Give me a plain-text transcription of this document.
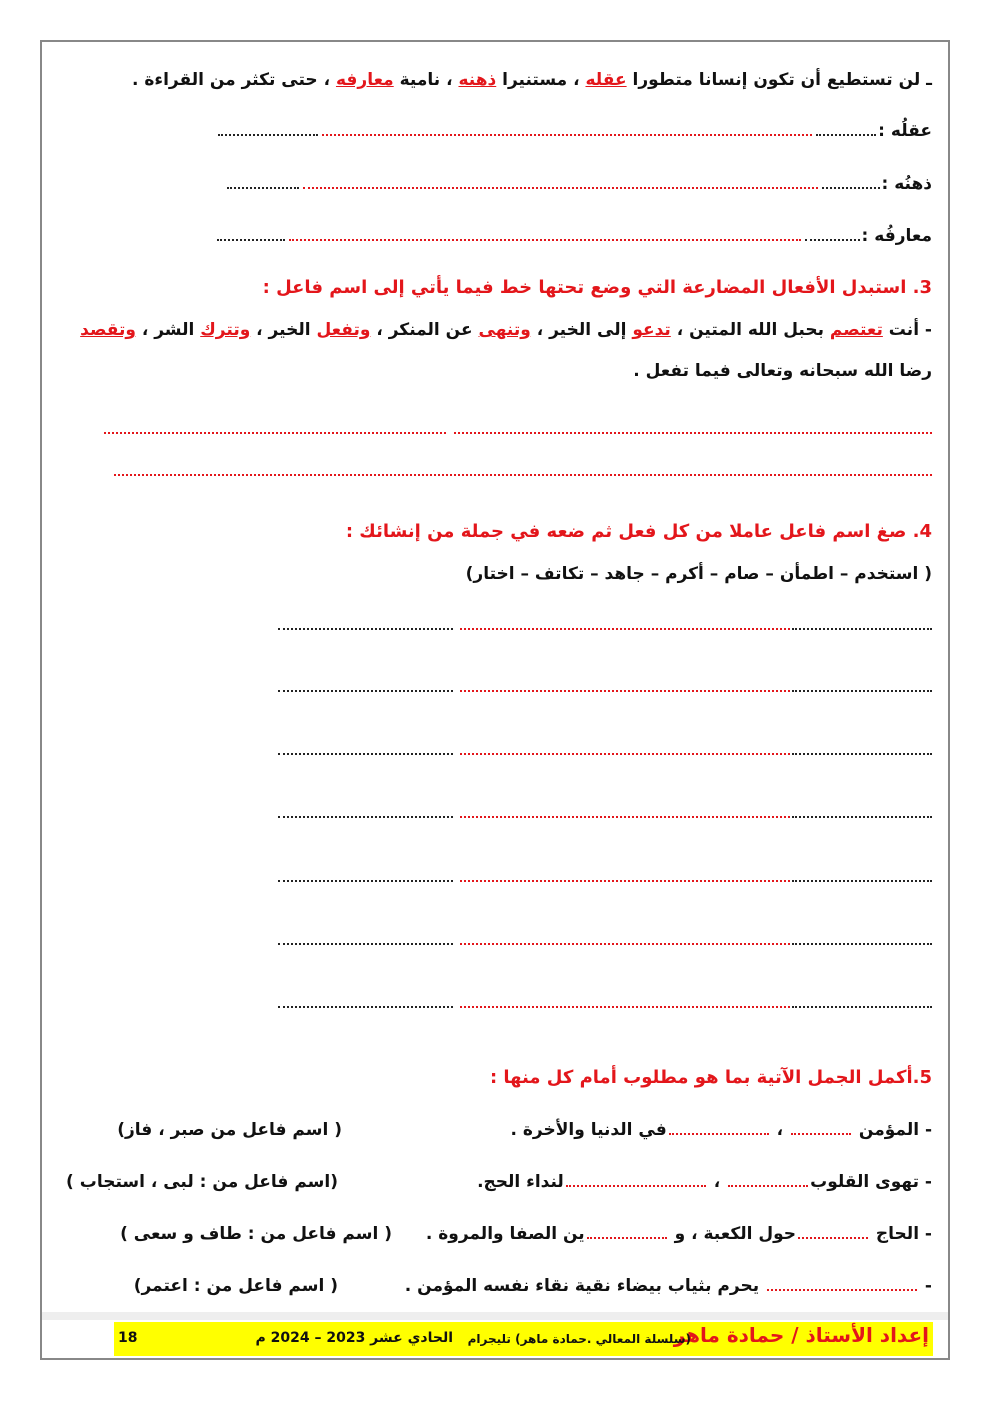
ـ لن تستطيع أن تكون إنسانا متطورا عقله ، مستنيرا ذهنه ، نامية معارفه ، حتى تكثر من القراءة .
عقلُه :
ذهنُه :
معارفُه :
3. استبدل الأفعال المضارعة التي وضع تحتها خط فيما يأتي إلى اسم فاعل :
- أنت تعتصم بحبل الله المتين ، تدعو إلى الخير ، وتنهى عن المنكر ، وتفعل الخير ، وتترك الشر ، وتقصد
رضا الله سبحانه وتعالى فيما تفعل .
4. صغ اسم فاعل عاملا من كل فعل ثم ضعه في جملة من إنشائك :
( استخدم – اطمأن – صام – أكرم – جاهد – تكاتف – اختار)
5.أكمل الجمل الآتية بما هو مطلوب أمام كل منها :
- المؤمن  ، في الدنيا والأخرة .
( اسم فاعل من صبر ، فاز)
- تهوى القلوب ، لنداء الحج.
(اسم فاعل من : لبى ، استجاب )
- الحاج حول الكعبة ، و ين الصفا والمروة .
( اسم فاعل من : طاف و سعى )
-  يحرم بثياب بيضاء نقية نقاء نفسه المؤمن .
( اسم فاعل من : اعتمر)
إعداد الأستاذ / حمادة ماهر
(سلسلة المعالي .حمادة ماهر) تليجرام
الحادي عشر 2023 – 2024 م
18
